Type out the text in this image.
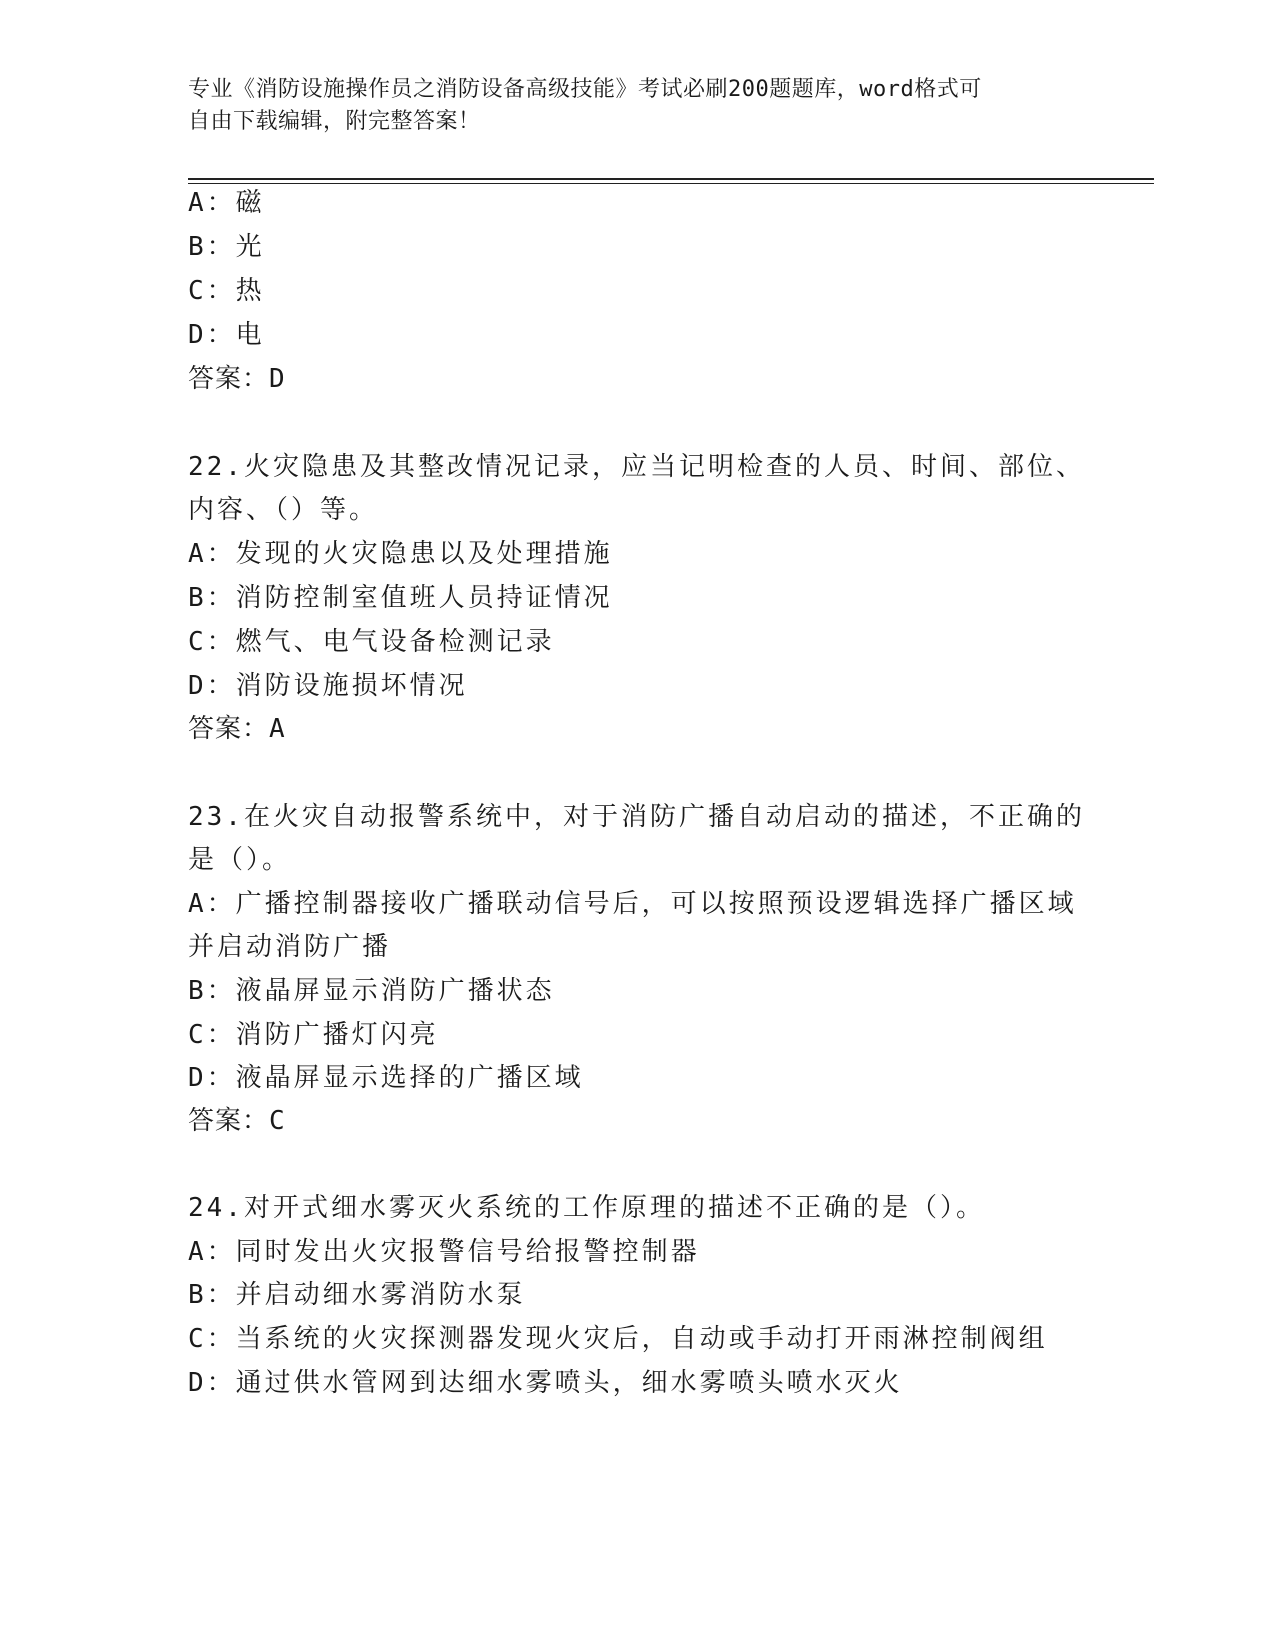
专业《消防设施操作员之消防设备高级技能》考试必刷200题题库，word格式可
自由下载编辑，附完整答案！
A：磁
B：光
C：热
D：电
答案：D
22.火灾隐患及其整改情况记录，应当记明检查的人员、时间、部位、
内容、（）等。
A：发现的火灾隐患以及处理措施
B：消防控制室值班人员持证情况
C：燃气、电气设备检测记录
D：消防设施损坏情况
答案：A
23.在火灾自动报警系统中，对于消防广播自动启动的描述，不正确的
是（）。
A：广播控制器接收广播联动信号后，可以按照预设逻辑选择广播区域
并启动消防广播
B：液晶屏显示消防广播状态
C：消防广播灯闪亮
D：液晶屏显示选择的广播区域
答案：C
24.对开式细水雾灭火系统的工作原理的描述不正确的是（）。
A：同时发出火灾报警信号给报警控制器
B：并启动细水雾消防水泵
C：当系统的火灾探测器发现火灾后，自动或手动打开雨淋控制阀组
D：通过供水管网到达细水雾喷头，细水雾喷头喷水灭火
